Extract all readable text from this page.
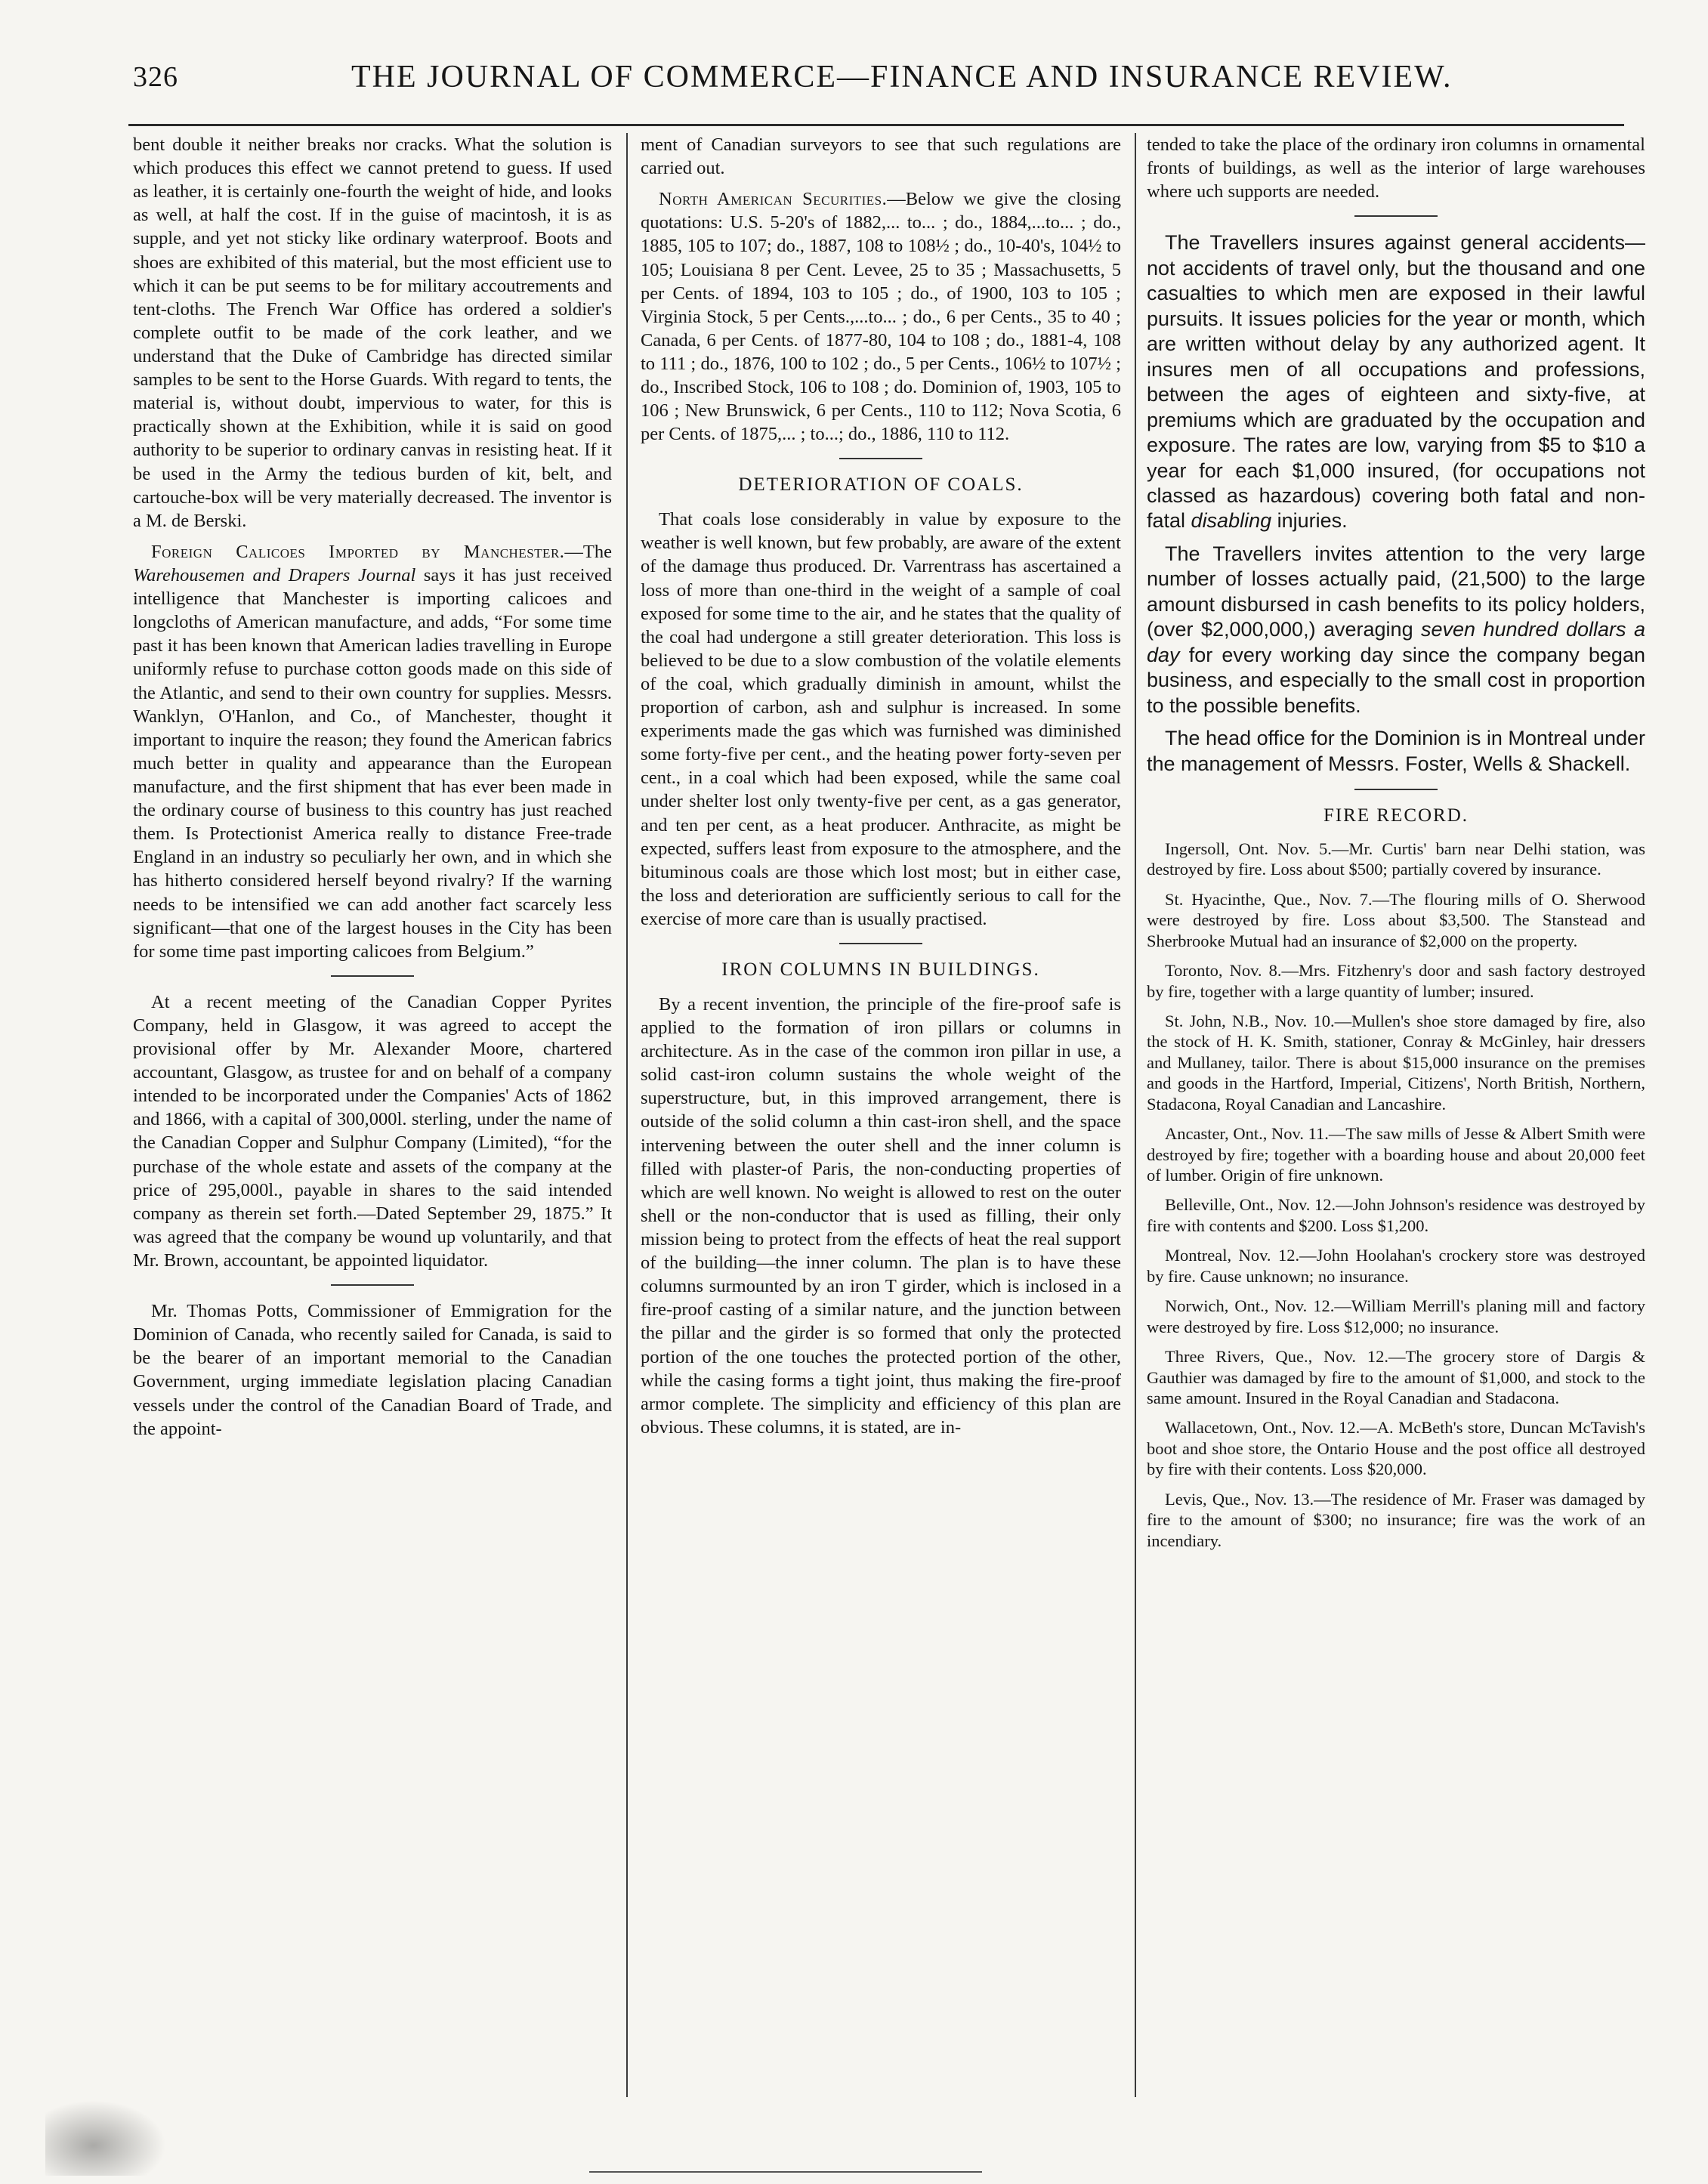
326	THE JOURNAL OF COMMERCE—FINANCE AND INSURANCE REVIEW.

bent double it neither breaks nor cracks. What the solution is which produces this effect we cannot pretend to guess. If used as leather, it is certainly one-fourth the weight of hide, and looks as well, at half the cost. If in the guise of macintosh, it is as supple, and yet not sticky like ordinary waterproof. Boots and shoes are exhibited of this material, but the most efficient use to which it can be put seems to be for military accoutrements and tent-cloths. The French War Office has ordered a soldier's complete outfit to be made of the cork leather, and we understand that the Duke of Cambridge has directed similar samples to be sent to the Horse Guards. With regard to tents, the material is, without doubt, impervious to water, for this is practically shown at the Exhibition, while it is said on good authority to be superior to ordinary canvas in resisting heat. If it be used in the Army the tedious burden of kit, belt, and cartouche-box will be very materially decreased. The inventor is a M. de Berski.

Foreign Calicoes Imported by Manchester.—The Warehousemen and Drapers Journal says it has just received intelligence that Manchester is importing calicoes and longcloths of American manufacture, and adds, “For some time past it has been known that American ladies travelling in Europe uniformly refuse to purchase cotton goods made on this side of the Atlantic, and send to their own country for supplies. Messrs. Wanklyn, O'Hanlon, and Co., of Manchester, thought it important to inquire the reason; they found the American fabrics much better in quality and appearance than the European manufacture, and the first shipment that has ever been made in the ordinary course of business to this country has just reached them. Is Protectionist America really to distance Free-trade England in an industry so peculiarly her own, and in which she has hitherto considered herself beyond rivalry? If the warning needs to be intensified we can add another fact scarcely less significant—that one of the largest houses in the City has been for some time past importing calicoes from Belgium.”

At a recent meeting of the Canadian Copper Pyrites Company, held in Glasgow, it was agreed to accept the provisional offer by Mr. Alexander Moore, chartered accountant, Glasgow, as trustee for and on behalf of a company intended to be incorporated under the Companies' Acts of 1862 and 1866, with a capital of 300,000l. sterling, under the name of the Canadian Copper and Sulphur Company (Limited), “for the purchase of the whole estate and assets of the company at the price of 295,000l., payable in shares to the said intended company as therein set forth.—Dated September 29, 1875.” It was agreed that the company be wound up voluntarily, and that Mr. Brown, accountant, be appointed liquidator.

Mr. Thomas Potts, Commissioner of Emmigration for the Dominion of Canada, who recently sailed for Canada, is said to be the bearer of an important memorial to the Canadian Government, urging immediate legislation placing Canadian vessels under the control of the Canadian Board of Trade, and the appoint-

ment of Canadian surveyors to see that such regulations are carried out.

North American Securities.—Below we give the closing quotations: U.S. 5-20's of 1882,... to... ; do., 1884,...to... ; do., 1885, 105 to 107; do., 1887, 108 to 108½ ; do., 10-40's, 104½ to 105; Louisiana 8 per Cent. Levee, 25 to 35 ; Massachusetts, 5 per Cents. of 1894, 103 to 105 ; do., of 1900, 103 to 105 ; Virginia Stock, 5 per Cents.,...to... ; do., 6 per Cents., 35 to 40 ; Canada, 6 per Cents. of 1877-80, 104 to 108 ; do., 1881-4, 108 to 111 ; do., 1876, 100 to 102 ; do., 5 per Cents., 106½ to 107½ ; do., Inscribed Stock, 106 to 108 ; do. Dominion of, 1903, 105 to 106 ; New Brunswick, 6 per Cents., 110 to 112; Nova Scotia, 6 per Cents. of 1875,... ; to...; do., 1886, 110 to 112.

DETERIORATION OF COALS.

That coals lose considerably in value by exposure to the weather is well known, but few probably, are aware of the extent of the damage thus produced. Dr. Varrentrass has ascertained a loss of more than one-third in the weight of a sample of coal exposed for some time to the air, and he states that the quality of the coal had undergone a still greater deterioration. This loss is believed to be due to a slow combustion of the volatile elements of the coal, which gradually diminish in amount, whilst the proportion of carbon, ash and sulphur is increased. In some experiments made the gas which was furnished was diminished some forty-five per cent., and the heating power forty-seven per cent., in a coal which had been exposed, while the same coal under shelter lost only twenty-five per cent, as a gas generator, and ten per cent, as a heat producer. Anthracite, as might be expected, suffers least from exposure to the atmosphere, and the bituminous coals are those which lost most; but in either case, the loss and deterioration are sufficiently serious to call for the exercise of more care than is usually practised.

IRON COLUMNS IN BUILDINGS.

By a recent invention, the principle of the fire-proof safe is applied to the formation of iron pillars or columns in architecture. As in the case of the common iron pillar in use, a solid cast-iron column sustains the whole weight of the superstructure, but, in this improved arrangement, there is outside of the solid column a thin cast-iron shell, and the space intervening between the outer shell and the inner column is filled with plaster-of Paris, the non-conducting properties of which are well known. No weight is allowed to rest on the outer shell or the non-conductor that is used as filling, their only mission being to protect from the effects of heat the real support of the building—the inner column. The plan is to have these columns surmounted by an iron T girder, which is inclosed in a fire-proof casting of a similar nature, and the junction between the pillar and the girder is so formed that only the protected portion of the one touches the protected portion of the other, while the casing forms a tight joint, thus making the fire-proof armor complete. The simplicity and efficiency of this plan are obvious. These columns, it is stated, are in-

tended to take the place of the ordinary iron columns in ornamental fronts of buildings, as well as the interior of large warehouses where uch supports are needed.

The Travellers insures against general accidents—not accidents of travel only, but the thousand and one casualties to which men are exposed in their lawful pursuits. It issues policies for the year or month, which are written without delay by any authorized agent. It insures men of all occupations and professions, between the ages of eighteen and sixty-five, at premiums which are graduated by the occupation and exposure. The rates are low, varying from $5 to $10 a year for each $1,000 insured, (for occupations not classed as hazardous) covering both fatal and non-fatal disabling injuries.

The Travellers invites attention to the very large number of losses actually paid, (21,500) to the large amount disbursed in cash benefits to its policy holders, (over $2,000,000,) averaging seven hundred dollars a day for every working day since the company began business, and especially to the small cost in proportion to the possible benefits.

The head office for the Dominion is in Montreal under the management of Messrs. Foster, Wells & Shackell.

FIRE RECORD.

Ingersoll, Ont. Nov. 5.—Mr. Curtis' barn near Delhi station, was destroyed by fire. Loss about $500; partially covered by insurance.

St. Hyacinthe, Que., Nov. 7.—The flouring mills of O. Sherwood were destroyed by fire. Loss about $3,500. The Stanstead and Sherbrooke Mutual had an insurance of $2,000 on the property.

Toronto, Nov. 8.—Mrs. Fitzhenry's door and sash factory destroyed by fire, together with a large quantity of lumber; insured.

St. John, N.B., Nov. 10.—Mullen's shoe store damaged by fire, also the stock of H. K. Smith, stationer, Conray & McGinley, hair dressers and Mullaney, tailor. There is about $15,000 insurance on the premises and goods in the Hartford, Imperial, Citizens', North British, Northern, Stadacona, Royal Canadian and Lancashire.

Ancaster, Ont., Nov. 11.—The saw mills of Jesse & Albert Smith were destroyed by fire; together with a boarding house and about 20,000 feet of lumber. Origin of fire unknown.

Belleville, Ont., Nov. 12.—John Johnson's residence was destroyed by fire with contents and $200. Loss $1,200.

Montreal, Nov. 12.—John Hoolahan's crockery store was destroyed by fire. Cause unknown; no insurance.

Norwich, Ont., Nov. 12.—William Merrill's planing mill and factory were destroyed by fire. Loss $12,000; no insurance.

Three Rivers, Que., Nov. 12.—The grocery store of Dargis & Gauthier was damaged by fire to the amount of $1,000, and stock to the same amount. Insured in the Royal Canadian and Stadacona.

Wallacetown, Ont., Nov. 12.—A. McBeth's store, Duncan McTavish's boot and shoe store, the Ontario House and the post office all destroyed by fire with their contents. Loss $20,000.

Levis, Que., Nov. 13.—The residence of Mr. Fraser was damaged by fire to the amount of $300; no insurance; fire was the work of an incendiary.
